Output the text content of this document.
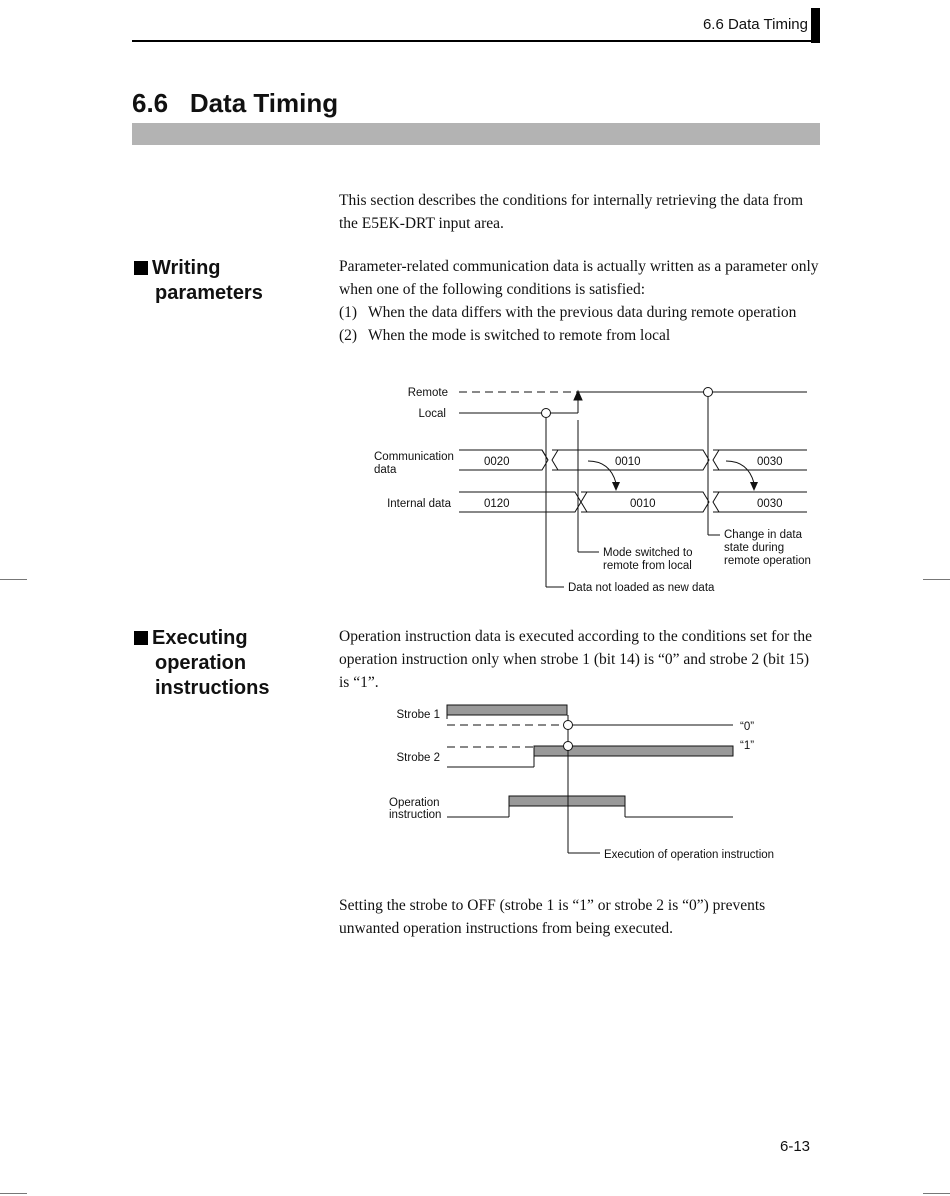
6.6 Data Timing
6.6   Data Timing
This section describes the conditions for internally retrieving the data from the E5EK-DRT input area.
Writing
parameters
Parameter-related communication data is actually written as a parameter only when one of the following conditions is satisfied:
(1) When the data differs with the previous data during remote operation
(2) When the mode is switched to remote from local
Remote
Local
Communication
data
Internal data
0020	0010	0030
0120	0010	0030
Change in data
state during
remote operation
Mode switched to
remote from local
Data not loaded as new data
Executing
operation
instructions
Operation instruction data is executed according to the conditions set for the operation instruction only when strobe 1 (bit 14) is “0” and strobe 2 (bit 15) is “1”.
Strobe 1
Strobe 2
Operation
instruction
“0”
“1”
Execution of operation instruction
Setting the strobe to OFF (strobe 1 is “1” or strobe 2 is “0”) prevents unwanted operation instructions from being executed.
6-13
